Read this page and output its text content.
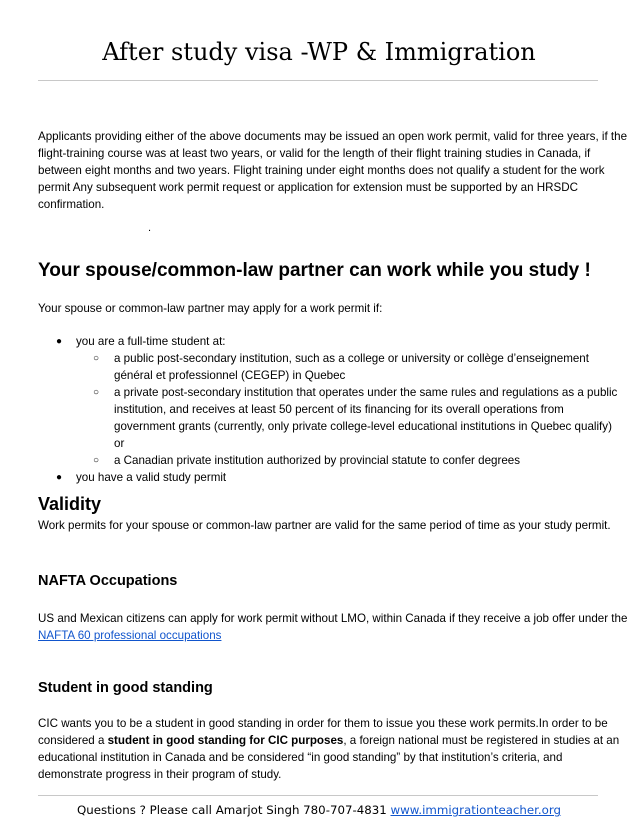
After study visa -WP & Immigration

Applicants providing either of the above documents may be issued an open work permit, valid for three years, if the flight-training course was at least two years, or valid for the length of their flight training studies in Canada, if between eight months and two years. Flight training under eight months does not qualify a student for the work permit Any subsequent work permit request or application for extension must be supported by an HRSDC confirmation.

.
Your spouse/common-law partner can work while you study !

Your spouse or common-law partner may apply for a work permit if:

● you are a full-time student at:
○ a public post-secondary institution, such as a college or university or collège d’enseignement général et professionnel (CEGEP) in Quebec
○ a private post-secondary institution that operates under the same rules and regulations as a public institution, and receives at least 50 percent of its financing for its overall operations from government grants (currently, only private college-level educational institutions in Quebec qualify)
or
○ a Canadian private institution authorized by provincial statute to confer degrees
● you have a valid study permit
Validity

Work permits for your spouse or common-law partner are valid for the same period of time as your study permit.

NAFTA Occupations

US and Mexican citizens can apply for work permit without LMO, within Canada if they receive a job offer under the NAFTA 60 professional occupations

Student in good standing

CIC wants you to be a student in good standing in order for them to issue you these work permits.In order to be considered a student in good standing for CIC purposes, a foreign national must be registered in studies at an educational institution in Canada and be considered “in good standing” by that institution’s criteria, and demonstrate progress in their program of study.

Questions ? Please call Amarjot Singh 780-707-4831 www.immigrationteacher.org
